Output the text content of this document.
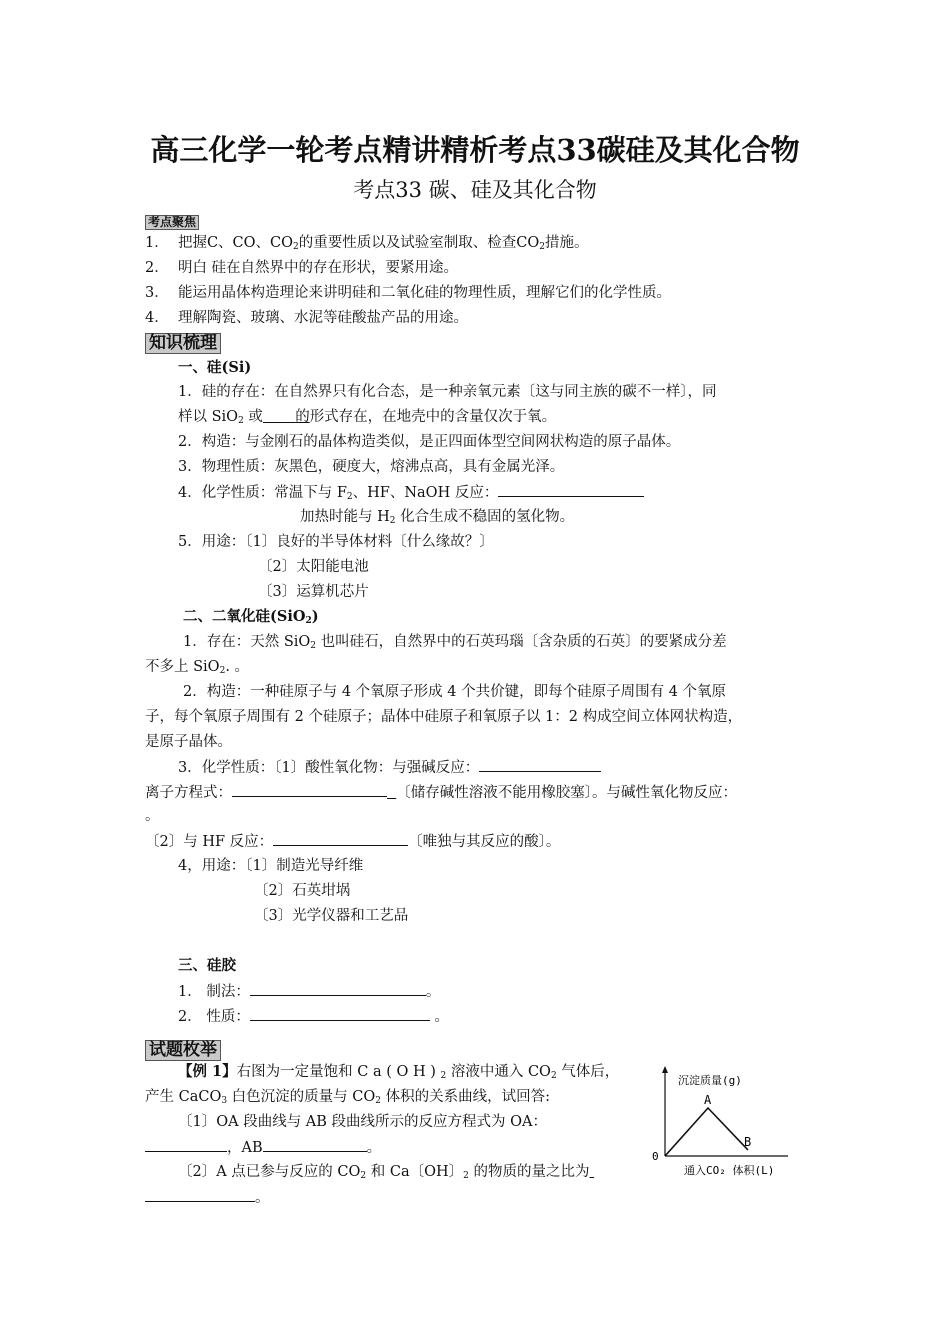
高三化学一轮考点精讲精析考点33碳硅及其化合物
考点33 碳、硅及其化合物
考点聚焦
1． 把握C、CO、$CO_2$的重要性质以及试验室制取、检查$CO_2$措施。
2． 明白 硅在自然界中的存在形状，要紧用途。
3． 能运用晶体构造理论来讲明硅和二氧化硅的物理性质，理解它们的化学性质。
4． 理解陶瓷、玻璃、水泥等硅酸盐产品的用途。
知识梳理
一、硅(Si)
1．硅的存在：在自然界只有化合态，是一种亲氧元素〔这与同主族的碳不一样〕，同
样以 SiO$_2$ 或 的形式存在，在地壳中的含量仅次于氧。
2．构造：与金刚石的晶体构造类似，是正四面体型空间网状构造的原子晶体。
3．物理性质：灰黑色，硬度大，熔沸点高，具有金属光泽。
4．化学性质：常温下与 $F_2$、HF、NaOH 反应：
加热时能与 $H_2$ 化合生成不稳固的氢化物。
5．用途：〔1〕良好的半导体材料〔什么缘故？〕
〔2〕太阳能电池
〔3〕运算机芯片
二、二氧化硅(SiO$_2$)
1．存在：天然 SiO$_2$ 也叫硅石，自然界中的石英玛瑙〔含杂质的石英〕的要紧成分差
不多上 SiO$_2$. 。
2．构造：一种硅原子与 4 个氧原子形成 4 个共价键，即每个硅原子周围有 4 个氧原
子，每个氧原子周围有 2 个硅原子；晶体中硅原子和氧原子以 1：2 构成空间立体网状构造，
是原子晶体。
3．化学性质：〔1〕酸性氧化物：与强碱反应：
离子方程式：	〔储存碱性溶液不能用橡胶塞〕。与碱性氧化物反应：
。
〔2〕与 HF 反应：	〔唯独与其反应的酸〕。
4，用途：〔1〕制造光导纤维
〔2〕石英坩埚
〔3〕光学仪器和工艺品
三、硅胶
1． 制法：	。
2． 性质：	。
试题枚举
【例 1】右图为一定量饱和 C a ( O H ) $_2$ 溶液中通入 $CO_2$ 气体后，
产生 CaCO$_3$ 白色沉淀的质量与 $CO_2$ 体积的关系曲线，试回答:
〔1〕OA 段曲线与 AB 段曲线所示的反应方程式为 OA：
，AB	。
〔2〕A 点已参与反应的 $CO_2$ 和 Ca〔OH〕$_2$ 的物质的量之比为
。
沉淀质量(g)
0
A
B
通入CO₂ 体积(L)
